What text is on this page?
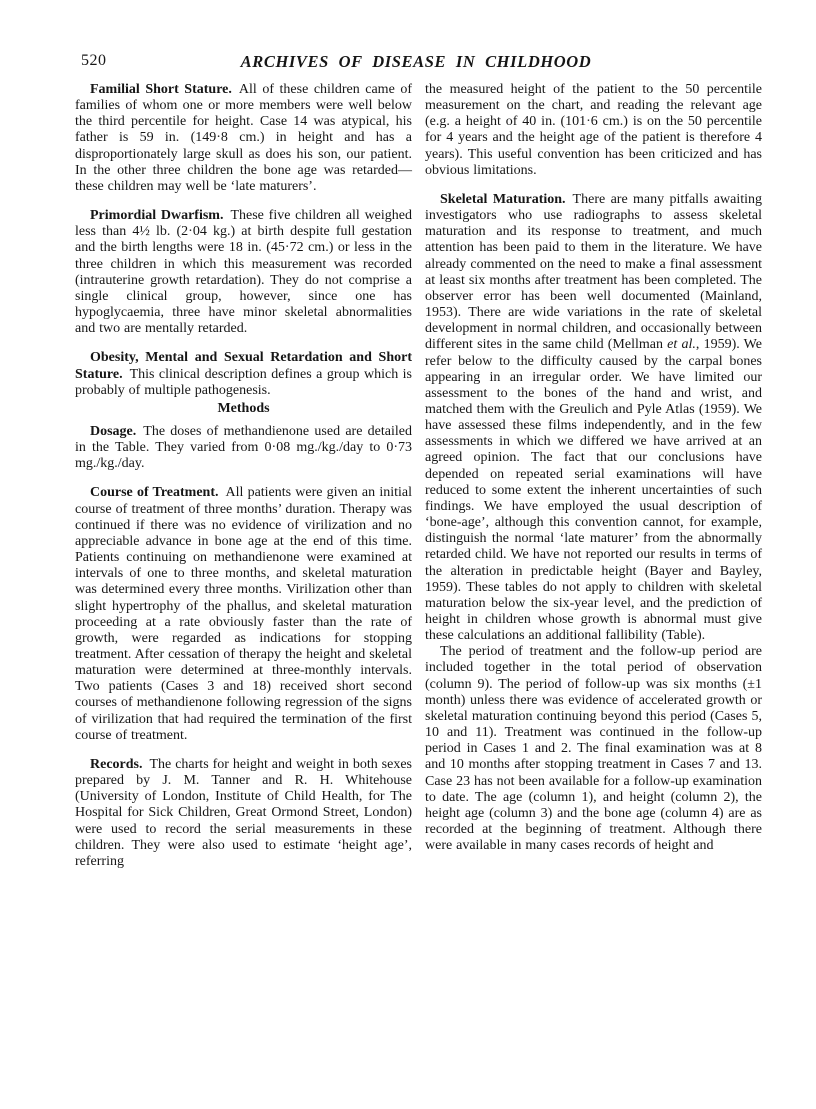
520	ARCHIVES OF DISEASE IN CHILDHOOD

Familial Short Stature. All of these children came of families of whom one or more members were well below the third percentile for height. Case 14 was atypical, his father is 59 in. (149·8 cm.) in height and has a disproportionately large skull as does his son, our patient. In the other three children the bone age was retarded—these children may well be ‘late maturers’.

Primordial Dwarfism. These five children all weighed less than 4½ lb. (2·04 kg.) at birth despite full gestation and the birth lengths were 18 in. (45·72 cm.) or less in the three children in which this measurement was recorded (intrauterine growth retardation). They do not comprise a single clinical group, however, since one has hypoglycaemia, three have minor skeletal abnormalities and two are mentally retarded.

Obesity, Mental and Sexual Retardation and Short Stature. This clinical description defines a group which is probably of multiple pathogenesis.

Methods

Dosage. The doses of methandienone used are detailed in the Table. They varied from 0·08 mg./kg./day to 0·73 mg./kg./day.

Course of Treatment. All patients were given an initial course of treatment of three months’ duration. Therapy was continued if there was no evidence of virilization and no appreciable advance in bone age at the end of this time. Patients continuing on methandienone were examined at intervals of one to three months, and skeletal maturation was determined every three months. Virilization other than slight hypertrophy of the phallus, and skeletal maturation proceeding at a rate obviously faster than the rate of growth, were regarded as indications for stopping treatment. After cessation of therapy the height and skeletal maturation were determined at three-monthly intervals. Two patients (Cases 3 and 18) received short second courses of methandienone following regression of the signs of virilization that had required the termination of the first course of treatment.

Records. The charts for height and weight in both sexes prepared by J. M. Tanner and R. H. Whitehouse (University of London, Institute of Child Health, for The Hospital for Sick Children, Great Ormond Street, London) were used to record the serial measurements in these children. They were also used to estimate ‘height age’, referring

the measured height of the patient to the 50 percentile measurement on the chart, and reading the relevant age (e.g. a height of 40 in. (101·6 cm.) is on the 50 percentile for 4 years and the height age of the patient is therefore 4 years). This useful convention has been criticized and has obvious limitations.

Skeletal Maturation. There are many pitfalls awaiting investigators who use radiographs to assess skeletal maturation and its response to treatment, and much attention has been paid to them in the literature. We have already commented on the need to make a final assessment at least six months after treatment has been completed. The observer error has been well documented (Mainland, 1953). There are wide variations in the rate of skeletal development in normal children, and occasionally between different sites in the same child (Mellman et al., 1959). We refer below to the difficulty caused by the carpal bones appearing in an irregular order. We have limited our assessment to the bones of the hand and wrist, and matched them with the Greulich and Pyle Atlas (1959). We have assessed these films independently, and in the few assessments in which we differed we have arrived at an agreed opinion. The fact that our conclusions have depended on repeated serial examinations will have reduced to some extent the inherent uncertainties of such findings. We have employed the usual description of ‘bone-age’, although this convention cannot, for example, distinguish the normal ‘late maturer’ from the abnormally retarded child. We have not reported our results in terms of the alteration in predictable height (Bayer and Bayley, 1959). These tables do not apply to children with skeletal maturation below the six-year level, and the prediction of height in children whose growth is abnormal must give these calculations an additional fallibility (Table).

The period of treatment and the follow-up period are included together in the total period of observation (column 9). The period of follow-up was six months (±1 month) unless there was evidence of accelerated growth or skeletal maturation continuing beyond this period (Cases 5, 10 and 11). Treatment was continued in the follow-up period in Cases 1 and 2. The final examination was at 8 and 10 months after stopping treatment in Cases 7 and 13. Case 23 has not been available for a follow-up examination to date. The age (column 1), and height (column 2), the height age (column 3) and the bone age (column 4) are as recorded at the beginning of treatment. Although there were available in many cases records of height and
